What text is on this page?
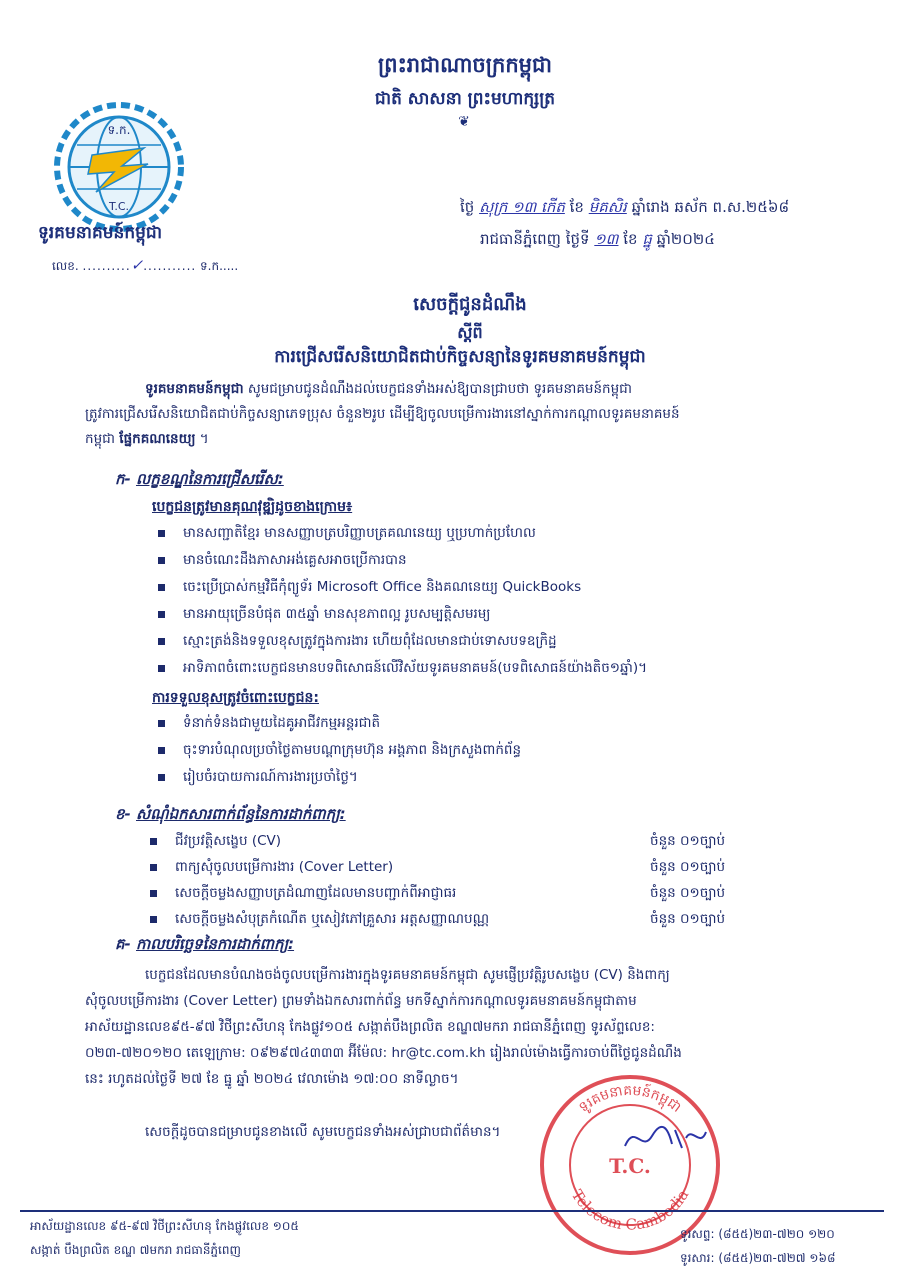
ព្រះរាជាណាចក្រកម្ពុជា
ជាតិ សាសនា ព្រះមហាក្សត្រ
❦
ទ.ក.
T.C.
ទូរគមនាគមន៍កម្ពុជា
លេខ. ..........✓........... ទ.ក.....
ថ្ងៃ សុក្រ ១៣ កើត ខែ មិគសិរ ឆ្នាំរោង ឆស័ក ព.ស.២៥៦៨
រាជធានីភ្នំពេញ ថ្ងៃទី ១៣ ខែ ធ្នូ ឆ្នាំ២០២៤
សេចក្តីជូនដំណឹង
ស្តីពី
ការជ្រើសរើសនិយោជិតជាប់កិច្ចសន្យានៃទូរគមនាគមន៍កម្ពុជា
ទូរគមនាគមន៍កម្ពុជា សូមជម្រាបជូនដំណឹងដល់បេក្ខជនទាំងអស់ឱ្យបានជ្រាបថា ទូរគមនាគមន៍កម្ពុជា
ត្រូវការជ្រើសរើសនិយោជិតជាប់កិច្ចសន្យាភេទប្រុស ចំនួន២រូប ដើម្បីឱ្យចូលបម្រើការងារនៅស្នាក់ការកណ្តាលទូរគមនាគមន៍
កម្ពុជា ផ្នែកគណនេយ្យ ។
ក- លក្ខខណ្ឌនៃការជ្រើសរើស:
បេក្ខជនត្រូវមានគុណវុឌ្ឍិដូចខាងក្រោម៖
មានសញ្ជាតិខ្មែរ មានសញ្ញាបត្របរិញ្ញាបត្រគណនេយ្យ ឬប្រហាក់ប្រហែល
មានចំណេះដឹងភាសាអង់គ្លេសអាចប្រើការបាន
ចេះប្រើប្រាស់កម្មវិធីកុំព្យូទ័រ Microsoft Office និងគណនេយ្យ QuickBooks
មានអាយុច្រើនបំផុត ៣៥ឆ្នាំ មានសុខភាពល្អ រូបសម្បត្តិសមរម្យ
ស្មោះត្រង់និងទទួលខុសត្រូវក្នុងការងារ ហើយពុំដែលមានជាប់ទោសបទឧក្រិដ្ឋ
អាទិភាពចំពោះបេក្ខជនមានបទពិសោធន៍លើវិស័យទូរគមនាគមន៍(បទពិសោធន៍យ៉ាងតិច១ឆ្នាំ)។
ការទទួលខុសត្រូវចំពោះបេក្ខជន:
ទំនាក់ទំនងជាមួយដៃគូអាជីវកម្មអន្តរជាតិ
ចុះទារបំណុលប្រចាំថ្ងៃតាមបណ្តាក្រុមហ៊ុន អង្គភាព និងក្រសួងពាក់ព័ន្ធ
រៀបចំរបាយការណ៍ការងារប្រចាំថ្ងៃ។
ខ- សំណុំឯកសារពាក់ព័ន្ធនៃការដាក់ពាក្យ:
ជីវប្រវត្តិសង្ខេប (CV)	ចំនួន ០១ច្បាប់
ពាក្យសុំចូលបម្រើការងារ (Cover Letter)	ចំនួន ០១ច្បាប់
សេចក្តីចម្លងសញ្ញាបត្រដំណាញដែលមានបញ្ជាក់ពីអាជ្ញាធរ	ចំនួន ០១ច្បាប់
សេចក្តីចម្លងសំបុត្រកំណើត ឬសៀវភៅគ្រួសារ អត្តសញ្ញាណបណ្ណ	ចំនួន ០១ច្បាប់
គ- កាលបរិច្ឆេទនៃការដាក់ពាក្យ:
បេក្ខជនដែលមានបំណងចង់ចូលបម្រើការងារក្នុងទូរគមនាគមន៍កម្ពុជា សូមផ្ញើប្រវត្តិរូបសង្ខេប (CV) និងពាក្យ
សុំចូលបម្រើការងារ (Cover Letter) ព្រមទាំងឯកសារពាក់ព័ន្ធ មកទីស្នាក់ការកណ្តាលទូរគមនាគមន៍កម្ពុជាតាម
អាស័យដ្ឋានលេខ៩៥-៩៧ វិថីព្រះសីហនុ កែងផ្លូវ១០៥ សង្កាត់បឹងព្រលិត ខណ្ឌ៧មករា រាជធានីភ្នំពេញ ទូរស័ព្ទលេខ:
០២៣-៧២០១២០ តេឡេក្រាម: ០៩២៩៧៤៣៣៣ អ៊ីម៉ែល: hr@tc.com.kh រៀងរាល់ម៉ោងធ្វើការចាប់ពីថ្ងៃជូនដំណឹង
នេះ រហូតដល់ថ្ងៃទី ២៧ ខែ ធ្នូ ឆ្នាំ ២០២៤ វេលាម៉ោង ១៧:០០ នាទីល្ងាច។
សេចក្តីដូចបានជម្រាបជូនខាងលើ សូមបេក្ខជនទាំងអស់ជ្រាបជាព័ត៌មាន។
ទូរគមនាគមន៍កម្ពុជា
Telecom Cambodia
T.C.
អាស័យដ្ឋានលេខ ៩៥-៩៧ វិថីព្រះសីហនុ កែងផ្លូវលេខ ១០៥
សង្កាត់ បឹងព្រលិត ខណ្ឌ ៧មករា រាជធានីភ្នំពេញ
ទូរសព្ទ: (៨៥៥)២៣-៧២០ ១២០
ទូរសារ: (៨៥៥)២៣-៧២៧ ១៦៨
